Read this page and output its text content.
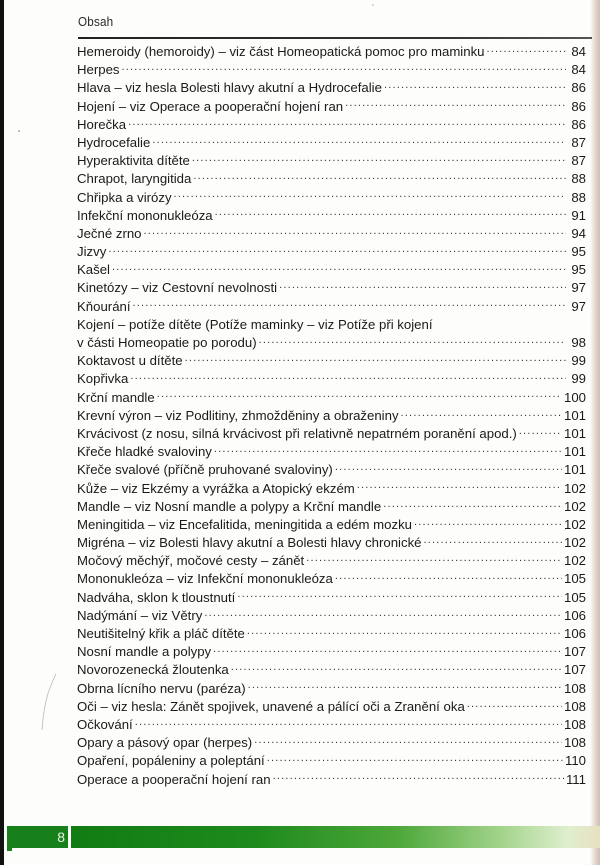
Obsah
Hemeroidy (hemoroidy) – viz část Homeopatická pomoc pro maminku .....	84
Herpes .....	84
Hlava – viz hesla Bolesti hlavy akutní a Hydrocefalie .....	86
Hojení – viz Operace a pooperační hojení ran .....	86
Horečka .....	86
Hydrocefalie .....	87
Hyperaktivita dítěte .....	87
Chrapot, laryngitida .....	88
Chřipka a virózy .....	88
Infekční mononukleóza .....	91
Ječné zrno .....	94
Jizvy .....	95
Kašel .....	95
Kinetózy – viz Cestovní nevolnosti .....	97
Kňourání .....	97
Kojení – potíže dítěte (Potíže maminky – viz Potíže při kojení
v části Homeopatie po porodu) .....	98
Koktavost u dítěte .....	99
Kopřivka .....	99
Krční mandle .....	100
Krevní výron – viz Podlitiny, zhmožděniny a obraženiny .....	101
Krvácivost (z nosu, silná krvácivost při relativně nepatrném poranění apod.) .....	101
Křeče hladké svaloviny .....	101
Křeče svalové (příčně pruhované svaloviny) .....	101
Kůže – viz Ekzémy a vyrážka a Atopický ekzém .....	102
Mandle – viz Nosní mandle a polypy a Krční mandle .....	102
Meningitida – viz Encefalitida, meningitida a edém mozku .....	102
Migréna – viz Bolesti hlavy akutní a Bolesti hlavy chronické .....	102
Močový měchýř, močové cesty – zánět .....	102
Mononukleóza – viz Infekční mononukleóza .....	105
Nadváha, sklon k tloustnutí .....	105
Nadýmání – viz Větry .....	106
Neutišitelný křik a pláč dítěte .....	106
Nosní mandle a polypy .....	107
Novorozenecká žloutenka .....	107
Obrna lícního nervu (paréza) .....	108
Oči – viz hesla: Zánět spojivek, unavené a pálící oči a Zranění oka .....	108
Očkování .....	108
Opary a pásový opar (herpes) .....	108
Opaření, popáleniny a poleptání .....	110
Operace a pooperační hojení ran .....	111
8
